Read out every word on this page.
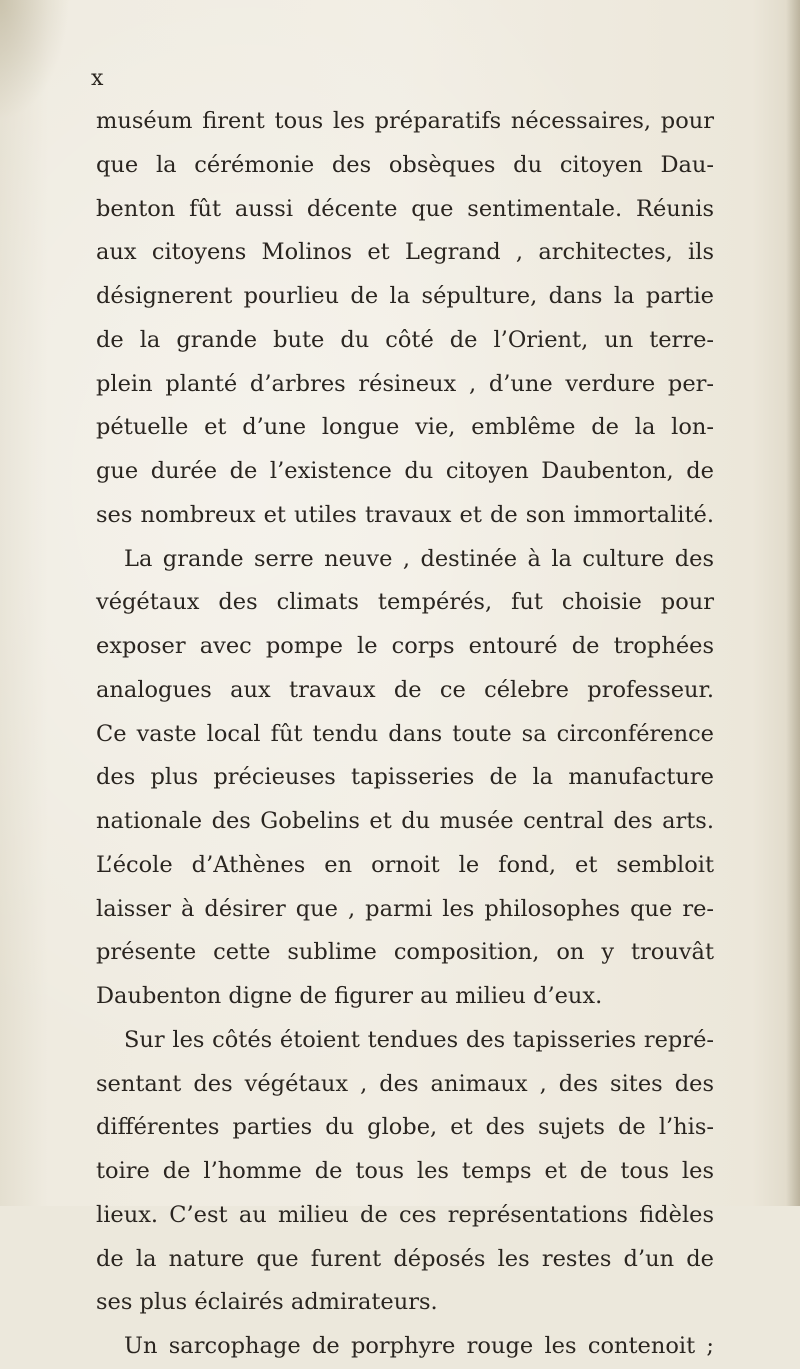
x

muséum firent tous les préparatifs nécessaires, pour
que la cérémonie des obsèques du citoyen Dau-
benton fût aussi décente que sentimentale. Réunis
aux citoyens Molinos et Legrand , architectes, ils
désignerent pourlieu de la sépulture, dans la partie
de la grande bute du côté de l’Orient, un terre-
plein planté d’arbres résineux , d’une verdure per-
pétuelle et d’une longue vie, emblême de la lon-
gue durée de l’existence du citoyen Daubenton, de
ses nombreux et utiles travaux et de son immortalité.
La grande serre neuve , destinée à la culture des
végétaux des climats tempérés, fut choisie pour
exposer avec pompe le corps entouré de trophées
analogues aux travaux de ce célebre professeur.
Ce vaste local fût tendu dans toute sa circonférence
des plus précieuses tapisseries de la manufacture
nationale des Gobelins et du musée central des arts.
L’école d’Athènes en ornoit le fond, et sembloit
laisser à désirer que , parmi les philosophes que re-
présente cette sublime composition, on y trouvât
Daubenton digne de figurer au milieu d’eux.
Sur les côtés étoient tendues des tapisseries repré-
sentant des végétaux , des animaux , des sites des
différentes parties du globe, et des sujets de l’his-
toire de l’homme de tous les temps et de tous les
lieux. C’est au milieu de ces représentations fidèles
de la nature que furent déposés les restes d’un de
ses plus éclairés admirateurs.
Un sarcophage de porphyre rouge les contenoit ;
